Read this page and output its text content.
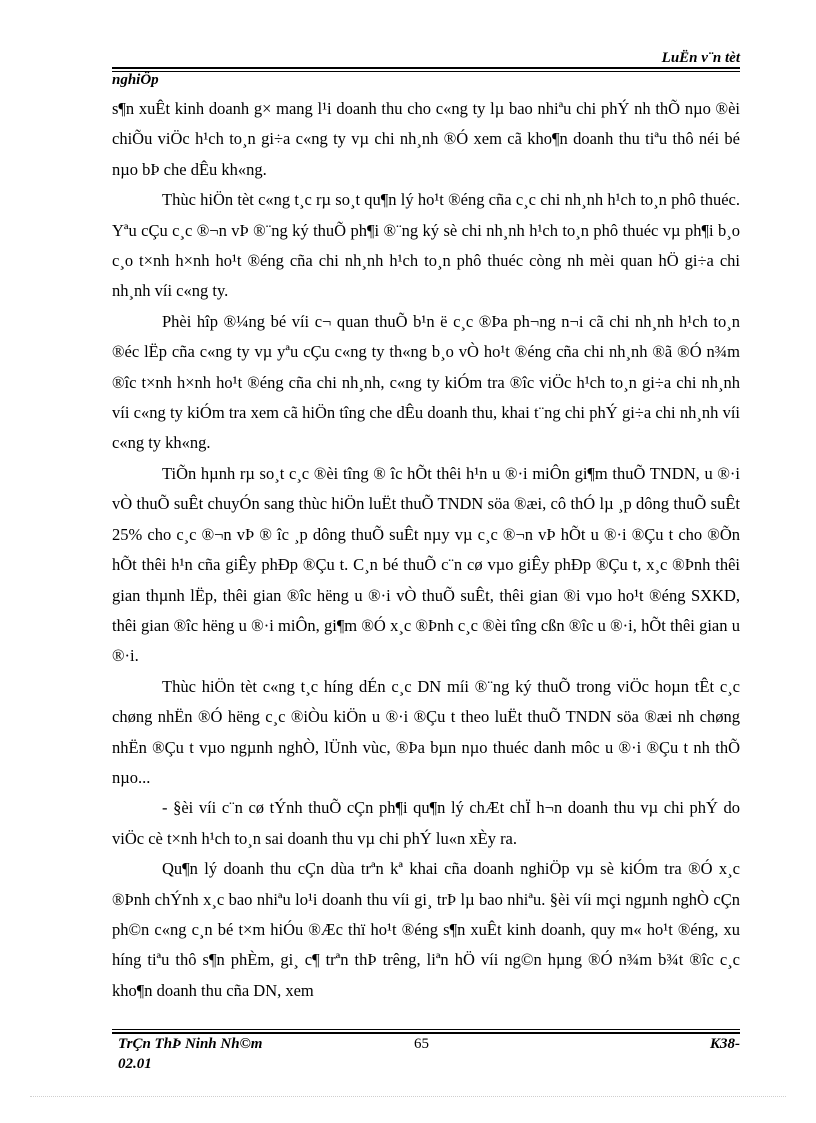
LuËn v¨n tèt
nghiÖp

s¶n xuÊt kinh doanh g× mang l¹i doanh thu cho c«ng ty lµ bao nhiªu chi phÝ nh thÕ nµo ®èi chiÕu viÖc h¹ch to¸n gi÷a c«ng ty vµ chi nh¸nh ®Ó xem cã kho¶n doanh thu tiªu thô néi bé nµo bÞ che dÊu kh«ng.

Thùc hiÖn tèt c«ng t¸c rµ so¸t qu¶n lý ho¹t ®éng cña c¸c chi nh¸nh h¹ch to¸n phô thuéc. Yªu cÇu c¸c ®¬n vÞ ®¨ng ký thuÕ ph¶i ®¨ng ký sè chi nh¸nh h¹ch to¸n phô thuéc vµ ph¶i b¸o c¸o t×nh h×nh ho¹t ®éng cña chi nh¸nh h¹ch to¸n phô thuéc còng nh mèi quan hÖ gi÷a chi nh¸nh víi c«ng ty.

Phèi hîp ®¼ng bé víi c¬ quan thuÕ b¹n ë c¸c ®Þa ph¬ng n¬i cã chi nh¸nh h¹ch to¸n ®éc lËp cña c«ng ty vµ yªu cÇu c«ng ty th«ng b¸o vÒ ho¹t ®éng cña chi nh¸nh ®ã ®Ó n¾m ®îc t×nh h×nh ho¹t ®éng cña chi nh¸nh, c«ng ty kiÓm tra ®îc viÖc h¹ch to¸n gi÷a chi nh¸nh víi c«ng ty kiÓm tra xem cã hiÖn tîng che dÊu doanh thu, khai t¨ng chi phÝ gi÷a chi nh¸nh víi c«ng ty kh«ng.

TiÕn hµnh rµ so¸t c¸c ®èi tîng ® îc hÕt thêi h¹n u ®·i miÔn gi¶m thuÕ TNDN, u ®·i vÒ thuÕ suÊt chuyÓn sang thùc hiÖn luËt thuÕ TNDN söa ®æi, cô thÓ lµ ¸p dông thuÕ suÊt 25% cho c¸c ®¬n vÞ ® îc ¸p dông thuÕ suÊt nµy vµ c¸c ®¬n vÞ hÕt u ®·i ®Çu t cho ®Õn hÕt thêi h¹n cña giÊy phÐp ®Çu t. C¸n bé thuÕ c¨n cø vµo giÊy phÐp ®Çu t, x¸c ®Þnh thêi gian thµnh lËp, thêi gian ®îc hëng u ®·i vÒ thuÕ suÊt, thêi gian ®i vµo ho¹t ®éng SXKD, thêi gian ®îc hëng u ®·i miÔn, gi¶m ®Ó x¸c ®Þnh c¸c ®èi tîng cßn ®îc u ®·i, hÕt thêi gian u ®·i.

Thùc hiÖn tèt c«ng t¸c híng dÉn c¸c DN míi ®¨ng ký thuÕ trong viÖc hoµn tÊt c¸c chøng nhËn ®Ó hëng c¸c ®iÒu kiÖn u ®·i ®Çu t theo luËt thuÕ TNDN söa ®æi nh chøng nhËn ®Çu t vµo ngµnh nghÒ, lÜnh vùc, ®Þa bµn nµo thuéc danh môc u ®·i ®Çu t nh thÕ nµo...

- §èi víi c¨n cø tÝnh thuÕ cÇn ph¶i qu¶n lý chÆt chÏ h¬n doanh thu vµ chi phÝ do viÖc cè t×nh h¹ch to¸n sai doanh thu vµ chi phÝ lu«n xÈy ra.

Qu¶n lý doanh thu cÇn dùa trªn kª khai cña doanh nghiÖp vµ sè kiÓm tra ®Ó x¸c ®Þnh chÝnh x¸c bao nhiªu lo¹i doanh thu víi gi¸ trÞ lµ bao nhiªu. §èi víi mçi ngµnh nghÒ cÇn ph©n c«ng c¸n bé t×m hiÓu ®Æc thï ho¹t ®éng s¶n xuÊt kinh doanh, quy m« ho¹t ®éng, xu híng tiªu thô s¶n phÈm, gi¸ c¶ trªn thÞ trêng, liªn hÖ víi ng©n hµng ®Ó n¾m b¾t ®îc c¸c kho¶n doanh thu cña DN, xem

TrÇn ThÞ Ninh Nh©m	65	K38-
02.01
